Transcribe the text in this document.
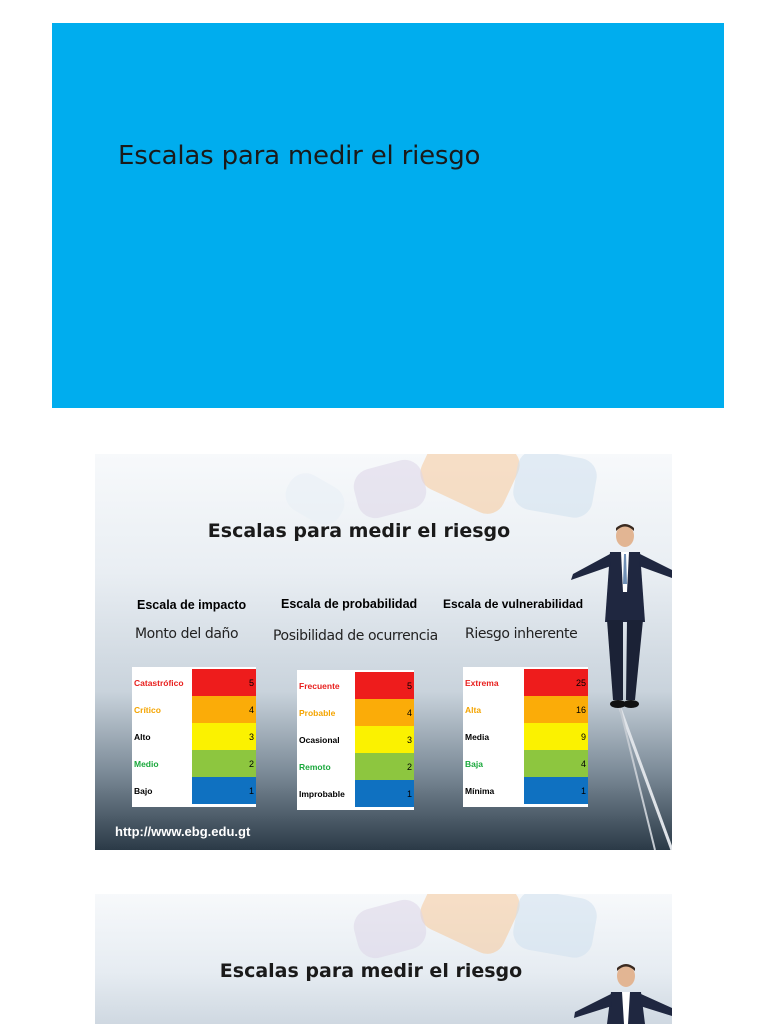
Escalas para medir el riesgo
Escalas para medir el riesgo
Escala de impacto
Monto del daño
Catastrófico	5
Crítico	4
Alto	3
Medio	2
Bajo	1
Escala de probabilidad
Posibilidad de ocurrencia
Frecuente	5
Probable	4
Ocasional	3
Remoto	2
Improbable	1
Escala de vulnerabilidad
Riesgo inherente
Extrema	25
Alta	16
Media	9
Baja	4
Mínima	1
http://www.ebg.edu.gt
Escalas para medir el riesgo
